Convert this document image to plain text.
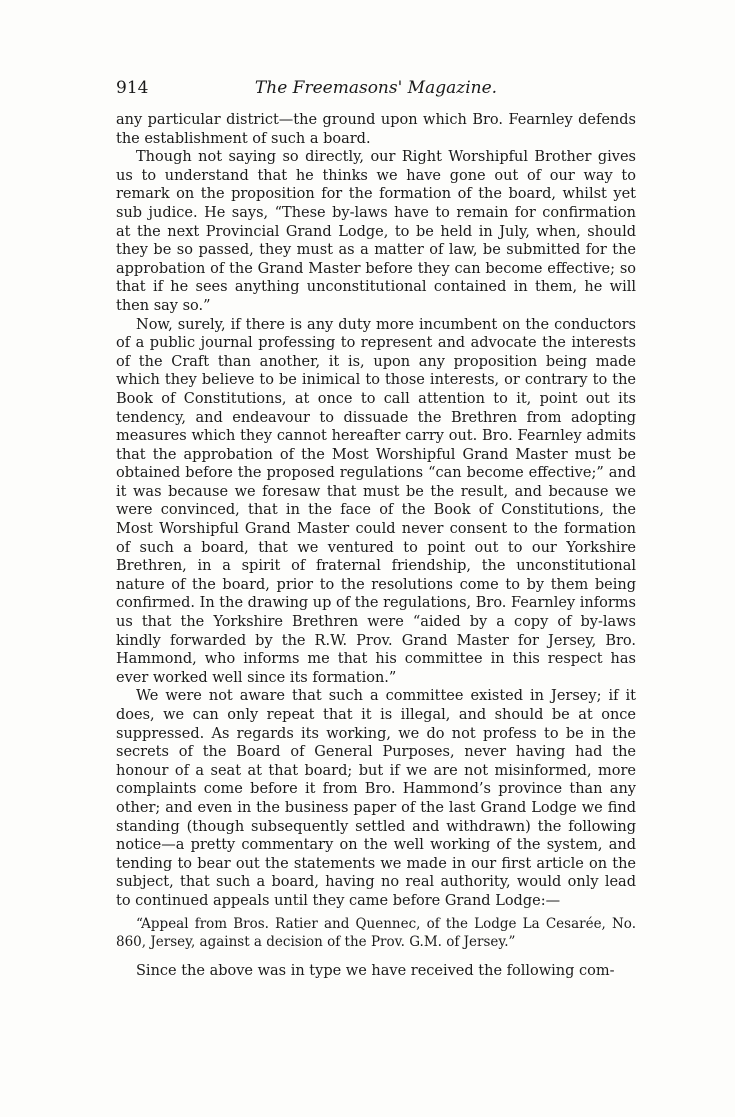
914	The Freemasons' Magazine.

any particular district—the ground upon which Bro. Fearnley defends the establishment of such a board.

Though not saying so directly, our Right Worshipful Brother gives us to understand that he thinks we have gone out of our way to remark on the proposition for the formation of the board, whilst yet sub judice. He says, “These by-laws have to remain for confirmation at the next Provincial Grand Lodge, to be held in July, when, should they be so passed, they must as a matter of law, be submitted for the approbation of the Grand Master before they can become effective; so that if he sees anything unconstitutional contained in them, he will then say so.”

Now, surely, if there is any duty more incumbent on the conductors of a public journal professing to represent and advocate the interests of the Craft than another, it is, upon any proposition being made which they believe to be inimical to those interests, or contrary to the Book of Constitutions, at once to call attention to it, point out its tendency, and endeavour to dissuade the Brethren from adopting measures which they cannot hereafter carry out. Bro. Fearnley admits that the approbation of the Most Worshipful Grand Master must be obtained before the proposed regulations “can become effective;” and it was because we foresaw that must be the result, and because we were convinced, that in the face of the Book of Constitutions, the Most Worshipful Grand Master could never consent to the formation of such a board, that we ventured to point out to our Yorkshire Brethren, in a spirit of fraternal friendship, the unconstitutional nature of the board, prior to the resolutions come to by them being confirmed. In the drawing up of the regulations, Bro. Fearnley informs us that the Yorkshire Brethren were “aided by a copy of by-laws kindly forwarded by the R.W. Prov. Grand Master for Jersey, Bro. Hammond, who informs me that his committee in this respect has ever worked well since its formation.”

We were not aware that such a committee existed in Jersey; if it does, we can only repeat that it is illegal, and should be at once suppressed. As regards its working, we do not profess to be in the secrets of the Board of General Purposes, never having had the honour of a seat at that board; but if we are not misinformed, more complaints come before it from Bro. Hammond’s province than any other; and even in the business paper of the last Grand Lodge we find standing (though subsequently settled and withdrawn) the following notice—a pretty commentary on the well working of the system, and tending to bear out the statements we made in our first article on the subject, that such a board, having no real authority, would only lead to continued appeals until they came before Grand Lodge:—

“Appeal from Bros. Ratier and Quennec, of the Lodge La Cesarée, No. 860, Jersey, against a decision of the Prov. G.M. of Jersey.”

Since the above was in type we have received the following com-
